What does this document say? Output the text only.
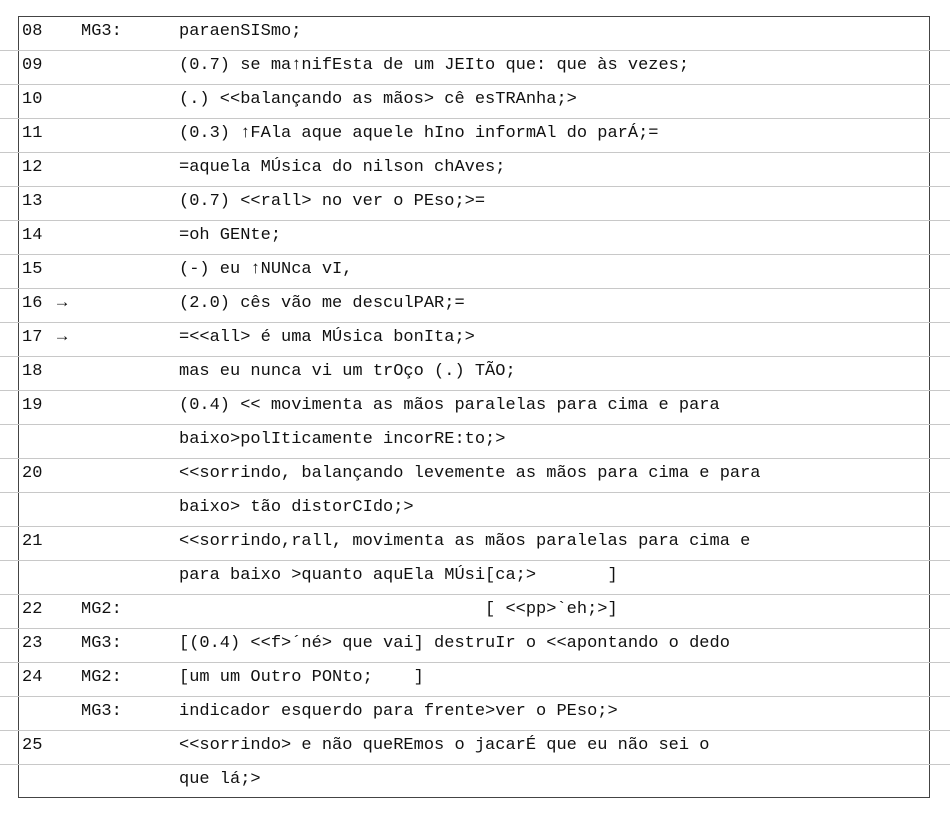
08 MG3:	paraenSISmo;
09	(0.7) se ma↑nifEsta de um JEIto que: que às vezes;
10	(.) <<balançando as mãos> cê esTRAnha;>
11	(0.3) ↑FAla aque aquele hIno informAl do parÁ;=
12	=aquela MÚsica do nilson chAves;
13	(0.7) <<rall> no ver o PEso;>=
14	=oh GENte;
15	(-) eu ↑NUNca vI,
16 →	(2.0) cês vão me desculPAR;=
17 →	=<<all> é uma MÚsica bonIta;>
18	mas eu nunca vi um trOço (.) TÃO;
19	(0.4) << movimenta as mãos paralelas para cima e para
baixo>polIticamente incorRE:to;>
20	<<sorrindo, balançando levemente as mãos para cima e para
baixo> tão distorCIdo;>
21	<<sorrindo,rall, movimenta as mãos paralelas para cima e
para baixo >quanto aquEla MÚsi[ca;>       ]
22 MG2:	[ <<pp>`eh;>]
23 MG3:	[(0.4) <<f>´né> que vai] destruIr o <<apontando o dedo
24 MG2:	[um um Outro PONto;    ]
MG3:	indicador esquerdo para frente>ver o PEso;>
25	<<sorrindo> e não queREmos o jacarÉ que eu não sei o
que lá;>
